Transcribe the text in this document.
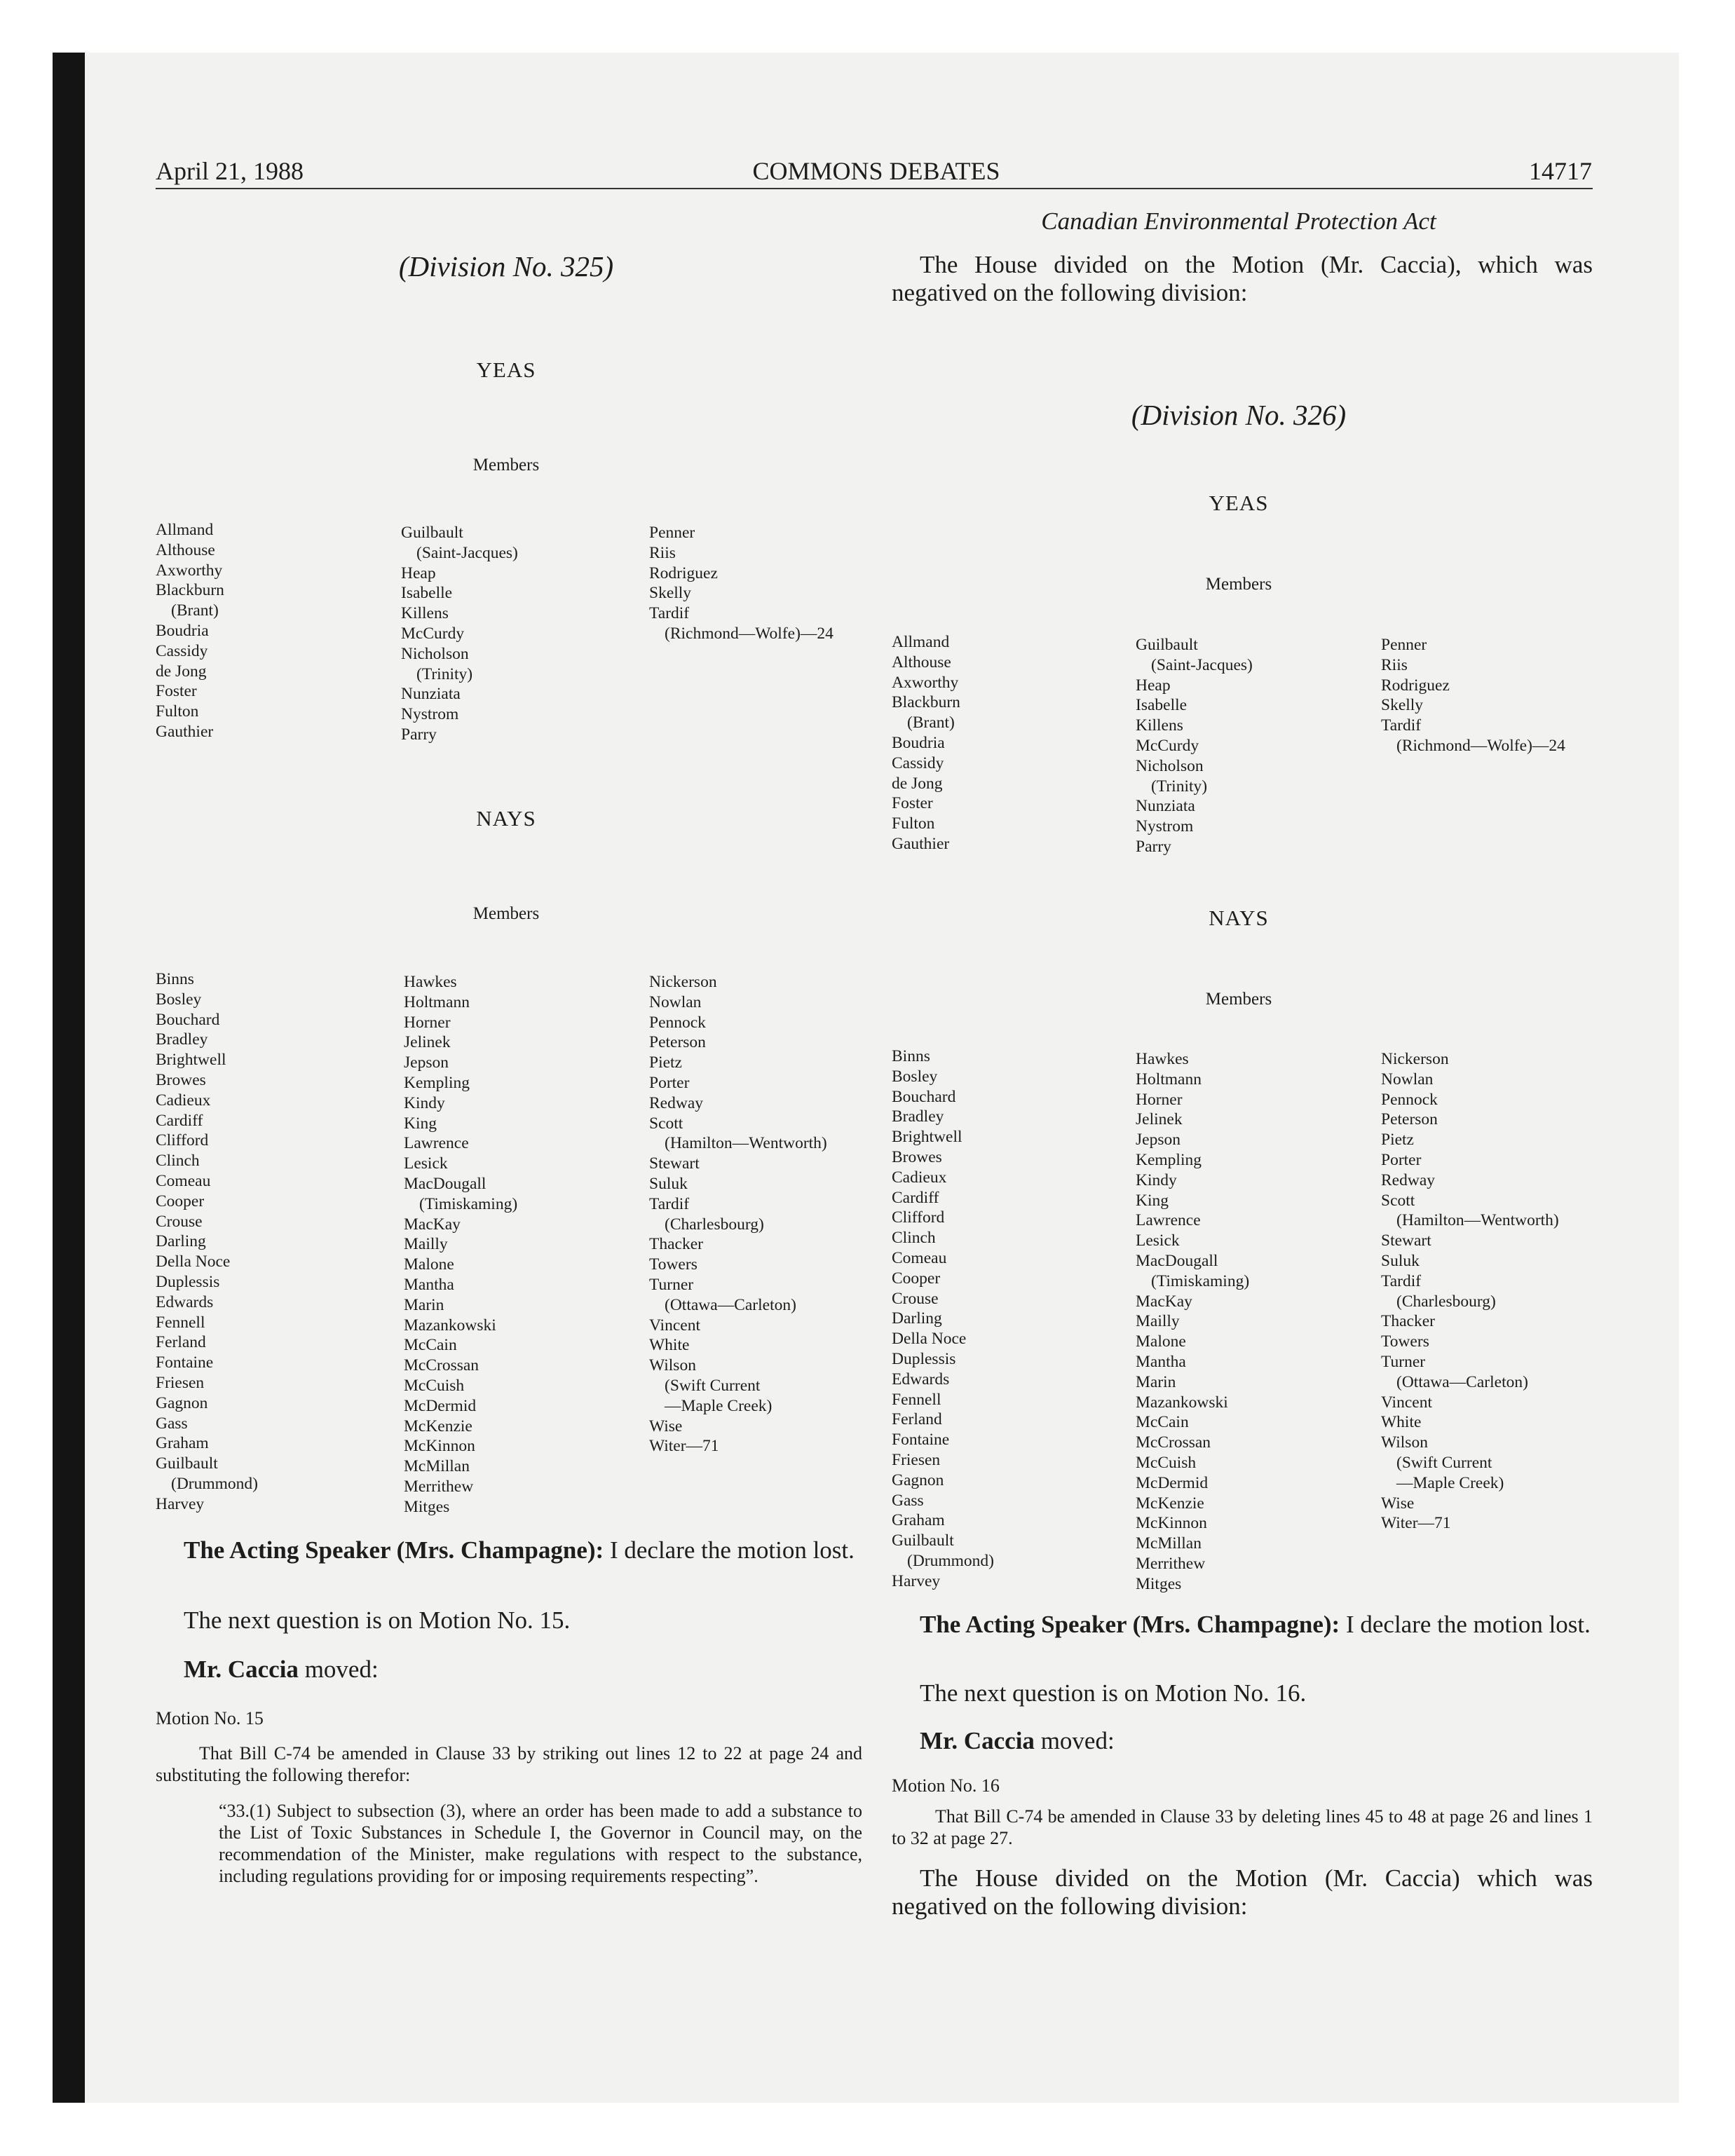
April 21, 1988	COMMONS DEBATES	14717
(Division No. 325)
YEAS
Members
Allmand
Althouse
Axworthy
Blackburn
(Brant)
Boudria
Cassidy
de Jong
Foster
Fulton
Gauthier
Guilbault
(Saint-Jacques)
Heap
Isabelle
Killens
McCurdy
Nicholson
(Trinity)
Nunziata
Nystrom
Parry
Penner
Riis
Rodriguez
Skelly
Tardif
(Richmond—Wolfe)—24
NAYS
Members
Binns
Bosley
Bouchard
Bradley
Brightwell
Browes
Cadieux
Cardiff
Clifford
Clinch
Comeau
Cooper
Crouse
Darling
Della Noce
Duplessis
Edwards
Fennell
Ferland
Fontaine
Friesen
Gagnon
Gass
Graham
Guilbault
(Drummond)
Harvey
Hawkes
Holtmann
Horner
Jelinek
Jepson
Kempling
Kindy
King
Lawrence
Lesick
MacDougall
(Timiskaming)
MacKay
Mailly
Malone
Mantha
Marin
Mazankowski
McCain
McCrossan
McCuish
McDermid
McKenzie
McKinnon
McMillan
Merrithew
Mitges
Nickerson
Nowlan
Pennock
Peterson
Pietz
Porter
Redway
Scott
(Hamilton—Wentworth)
Stewart
Suluk
Tardif
(Charlesbourg)
Thacker
Towers
Turner
(Ottawa—Carleton)
Vincent
White
Wilson
(Swift Current
—Maple Creek)
Wise
Witer—71
The Acting Speaker (Mrs. Champagne): I declare the motion lost.
The next question is on Motion No. 15.
Mr. Caccia moved:
Motion No. 15
That Bill C-74 be amended in Clause 33 by striking out lines 12 to 22 at page 24 and substituting the following therefor:
“33.(1) Subject to subsection (3), where an order has been made to add a substance to the List of Toxic Substances in Schedule I, the Governor in Council may, on the recommendation of the Minister, make regulations with respect to the substance, including regulations providing for or imposing requirements respecting”.
Canadian Environmental Protection Act
The House divided on the Motion (Mr. Caccia), which was negatived on the following division:
(Division No. 326)
YEAS
Members
Allmand
Althouse
Axworthy
Blackburn
(Brant)
Boudria
Cassidy
de Jong
Foster
Fulton
Gauthier
Guilbault
(Saint-Jacques)
Heap
Isabelle
Killens
McCurdy
Nicholson
(Trinity)
Nunziata
Nystrom
Parry
Penner
Riis
Rodriguez
Skelly
Tardif
(Richmond—Wolfe)—24
NAYS
Members
Binns
Bosley
Bouchard
Bradley
Brightwell
Browes
Cadieux
Cardiff
Clifford
Clinch
Comeau
Cooper
Crouse
Darling
Della Noce
Duplessis
Edwards
Fennell
Ferland
Fontaine
Friesen
Gagnon
Gass
Graham
Guilbault
(Drummond)
Harvey
Hawkes
Holtmann
Horner
Jelinek
Jepson
Kempling
Kindy
King
Lawrence
Lesick
MacDougall
(Timiskaming)
MacKay
Mailly
Malone
Mantha
Marin
Mazankowski
McCain
McCrossan
McCuish
McDermid
McKenzie
McKinnon
McMillan
Merrithew
Mitges
Nickerson
Nowlan
Pennock
Peterson
Pietz
Porter
Redway
Scott
(Hamilton—Wentworth)
Stewart
Suluk
Tardif
(Charlesbourg)
Thacker
Towers
Turner
(Ottawa—Carleton)
Vincent
White
Wilson
(Swift Current
—Maple Creek)
Wise
Witer—71
The Acting Speaker (Mrs. Champagne): I declare the motion lost.
The next question is on Motion No. 16.
Mr. Caccia moved:
Motion No. 16
That Bill C-74 be amended in Clause 33 by deleting lines 45 to 48 at page 26 and lines 1 to 32 at page 27.
The House divided on the Motion (Mr. Caccia) which was negatived on the following division:
